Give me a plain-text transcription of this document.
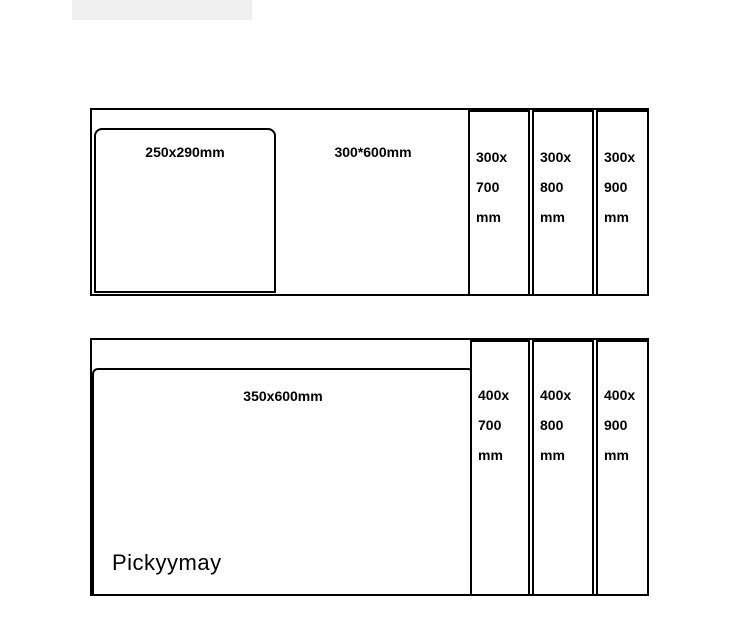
250x290mm	300*600mm	300x 700 mm
300x 800 mm
300x 900 mm
350x600mm
Pickyymay
400x 700 mm
400x 800 mm
400x 900 mm
